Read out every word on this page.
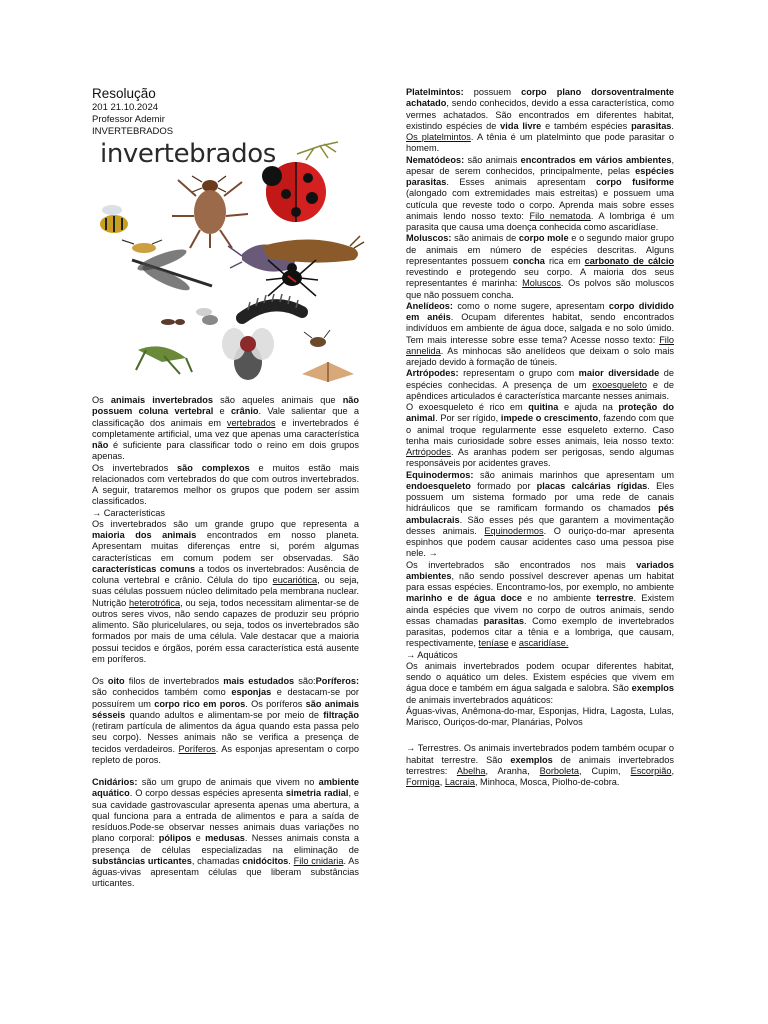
Resolução
201 21.10.2024
Professor Ademir
INVERTEBRADOS
invertebrados

Os animais invertebrados são aqueles animais que não possuem coluna vertebral e crânio. Vale salientar que a classificação dos animais em vertebrados e invertebrados é completamente artificial, uma vez que apenas uma característica não é suficiente para classificar todo o reino em dois grupos apenas.

Os invertebrados são complexos e muitos estão mais relacionados com vertebrados do que com outros invertebrados. A seguir, trataremos melhor os grupos que podem ser assim classificados.

→ Características

Os invertebrados são um grande grupo que representa a maioria dos animais encontrados em nosso planeta. Apresentam muitas diferenças entre si, porém algumas características em comum podem ser observadas. São características comuns a todos os invertebrados: Ausência de coluna vertebral e crânio. Célula do tipo eucariótica, ou seja, suas células possuem núcleo delimitado pela membrana nuclear. Nutrição heterotrófica, ou seja, todos necessitam alimentar-se de outros seres vivos, não sendo capazes de produzir seu próprio alimento. São pluricelulares, ou seja, todos os invertebrados são formados por mais de uma célula. Vale destacar que a maioria possui tecidos e órgãos, porém essa característica está ausente em poríferos.

Os oito filos de invertebrados mais estudados são:Poríferos: são conhecidos também como esponjas e destacam-se por possuírem um corpo rico em poros. Os poríferos são animais sésseis quando adultos e alimentam-se por meio de filtração (retiram partícula de alimentos da água quando esta passa pelo seu corpo). Nesses animais não se verifica a presença de tecidos verdadeiros. Poríferos. As esponjas apresentam o corpo repleto de poros.

Cnidários: são um grupo de animais que vivem no ambiente aquático. O corpo dessas espécies apresenta simetria radial, e sua cavidade gastrovascular apresenta apenas uma abertura, a qual funciona para a entrada de alimentos e para a saída de resíduos.Pode-se observar nesses animais duas variações no plano corporal: pólipos e medusas. Nesses animais consta a presença de células especializadas na eliminação de substâncias urticantes, chamadas cnidócitos. Filo cnidaria. As águas-vivas apresentam células que liberam substâncias urticantes.

Platelmintos: possuem corpo plano dorsoventralmente achatado, sendo conhecidos, devido a essa característica, como vermes achatados. São encontrados em diferentes habitat, existindo espécies de vida livre e também espécies parasitas. Os platelmintos. A tênia é um platelminto que pode parasitar o homem.

Nematódeos: são animais encontrados em vários ambientes, apesar de serem conhecidos, principalmente, pelas espécies parasitas. Esses animais apresentam corpo fusiforme (alongado com extremidades mais estreitas) e possuem uma cutícula que reveste todo o corpo. Aprenda mais sobre esses animais lendo nosso texto: Filo nematoda. A lombriga é um parasita que causa uma doença conhecida como ascaridíase.

Moluscos: são animais de corpo mole e o segundo maior grupo de animais em número de espécies descritas. Alguns representantes possuem concha rica em carbonato de cálcio revestindo e protegendo seu corpo. A maioria dos seus representantes é marinha: Moluscos. Os polvos são moluscos que não possuem concha.

Anelídeos: como o nome sugere, apresentam corpo dividido em anéis. Ocupam diferentes habitat, sendo encontrados indivíduos em ambiente de água doce, salgada e no solo úmido. Tem mais interesse sobre esse tema? Acesse nosso texto: Filo annelida. As minhocas são anelídeos que deixam o solo mais arejado devido à formação de túneis.

Artrópodes: representam o grupo com maior diversidade de espécies conhecidas. A presença de um exoesqueleto e de apêndices articulados é característica marcante nesses animais.

O exoesqueleto é rico em quitina e ajuda na proteção do animal. Por ser rígido, impede o crescimento, fazendo com que o animal troque regularmente esse esqueleto externo. Caso tenha mais curiosidade sobre esses animais, leia nosso texto: Artrópodes. As aranhas podem ser perigosas, sendo algumas responsáveis por acidentes graves.

Equinodermos: são animais marinhos que apresentam um endoesqueleto formado por placas calcárias rígidas. Eles possuem um sistema formado por uma rede de canais hidráulicos que se ramificam formando os chamados pés ambulacrais. São esses pés que garantem a movimentação desses animais. Equinodermos. O ouriço-do-mar apresenta espinhos que podem causar acidentes caso uma pessoa pise nele. →

Os invertebrados são encontrados nos mais variados ambientes, não sendo possível descrever apenas um habitat para essas espécies. Encontramo-los, por exemplo, no ambiente marinho e de água doce e no ambiente terrestre. Existem ainda espécies que vivem no corpo de outros animais, sendo essas chamadas parasitas. Como exemplo de invertebrados parasitas, podemos citar a tênia e a lombriga, que causam, respectivamente, teníase e ascaridíase.

→ Aquáticos

Os animais invertebrados podem ocupar diferentes habitat, sendo o aquático um deles. Existem espécies que vivem em água doce e também em água salgada e salobra. São exemplos de animais invertebrados aquáticos:

Águas-vivas, Anêmona-do-mar, Esponjas, Hidra, Lagosta, Lulas, Marisco, Ouriços-do-mar, Planárias, Polvos

→ Terrestres. Os animais invertebrados podem também ocupar o habitat terrestre. São exemplos de animais invertebrados terrestres: Abelha, Aranha, Borboleta, Cupim, Escorpião, Formiga, Lacraia, Minhoca, Mosca, Piolho-de-cobra.
